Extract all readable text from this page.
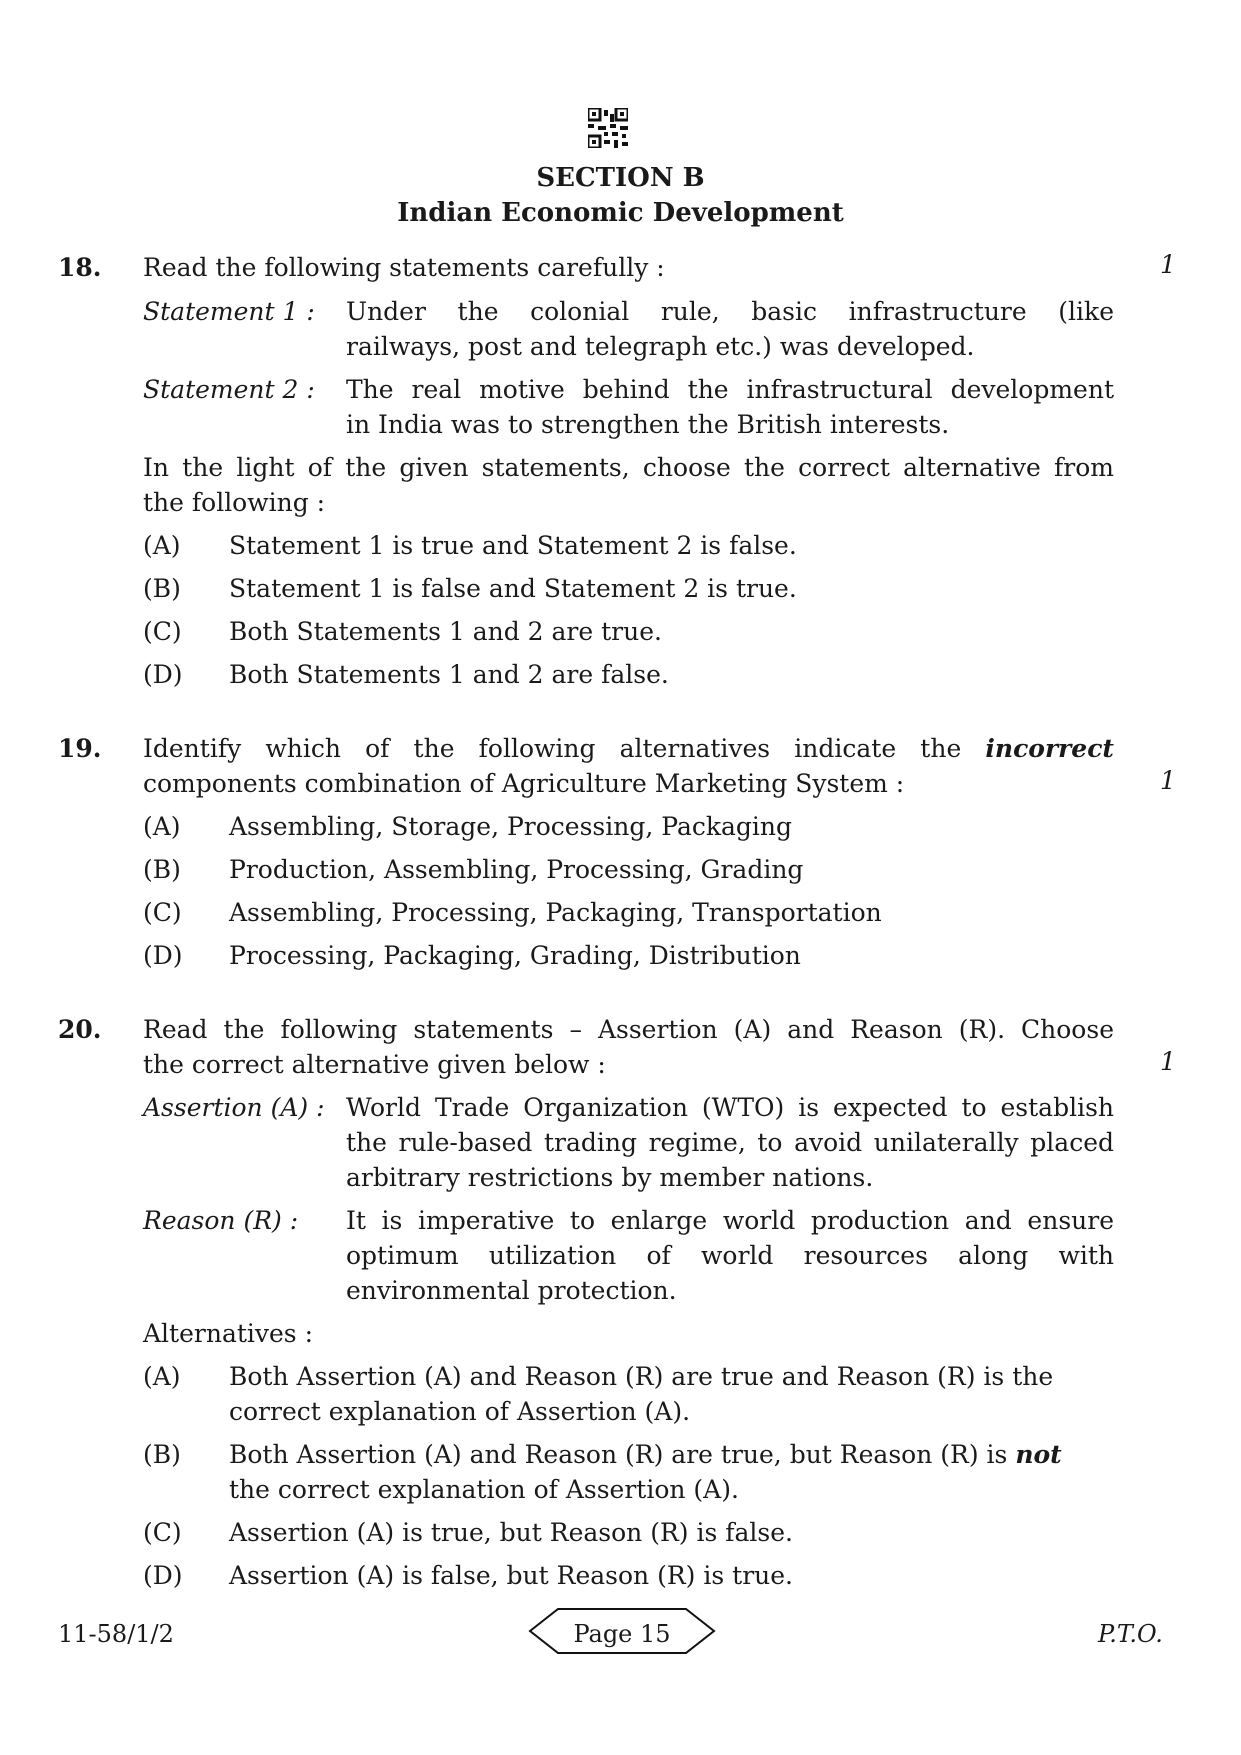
SECTION B
Indian Economic Development
18. Read the following statements carefully :	1
Statement 1 : Under the colonial rule, basic infrastructure (like
railways, post and telegraph etc.) was developed.
Statement 2 : The real motive behind the infrastructural development
in India was to strengthen the British interests.
In the light of the given statements, choose the correct alternative from
the following :
(A) Statement 1 is true and Statement 2 is false.
(B) Statement 1 is false and Statement 2 is true.
(C) Both Statements 1 and 2 are true.
(D) Both Statements 1 and 2 are false.
19. Identify which of the following alternatives indicate the incorrect
components combination of Agriculture Marketing System :	1
(A) Assembling, Storage, Processing, Packaging
(B) Production, Assembling, Processing, Grading
(C) Assembling, Processing, Packaging, Transportation
(D) Processing, Packaging, Grading, Distribution
20. Read the following statements – Assertion (A) and Reason (R). Choose
the correct alternative given below :	1
Assertion (A) : World Trade Organization (WTO) is expected to establish
the rule-based trading regime, to avoid unilaterally placed
arbitrary restrictions by member nations.
Reason (R) : It is imperative to enlarge world production and ensure
optimum utilization of world resources along with
environmental protection.
Alternatives :
(A) Both Assertion (A) and Reason (R) are true and Reason (R) is the
correct explanation of Assertion (A).
(B) Both Assertion (A) and Reason (R) are true, but Reason (R) is not
the correct explanation of Assertion (A).
(C) Assertion (A) is true, but Reason (R) is false.
(D) Assertion (A) is false, but Reason (R) is true.
11-58/1/2	Page 15	P.T.O.
